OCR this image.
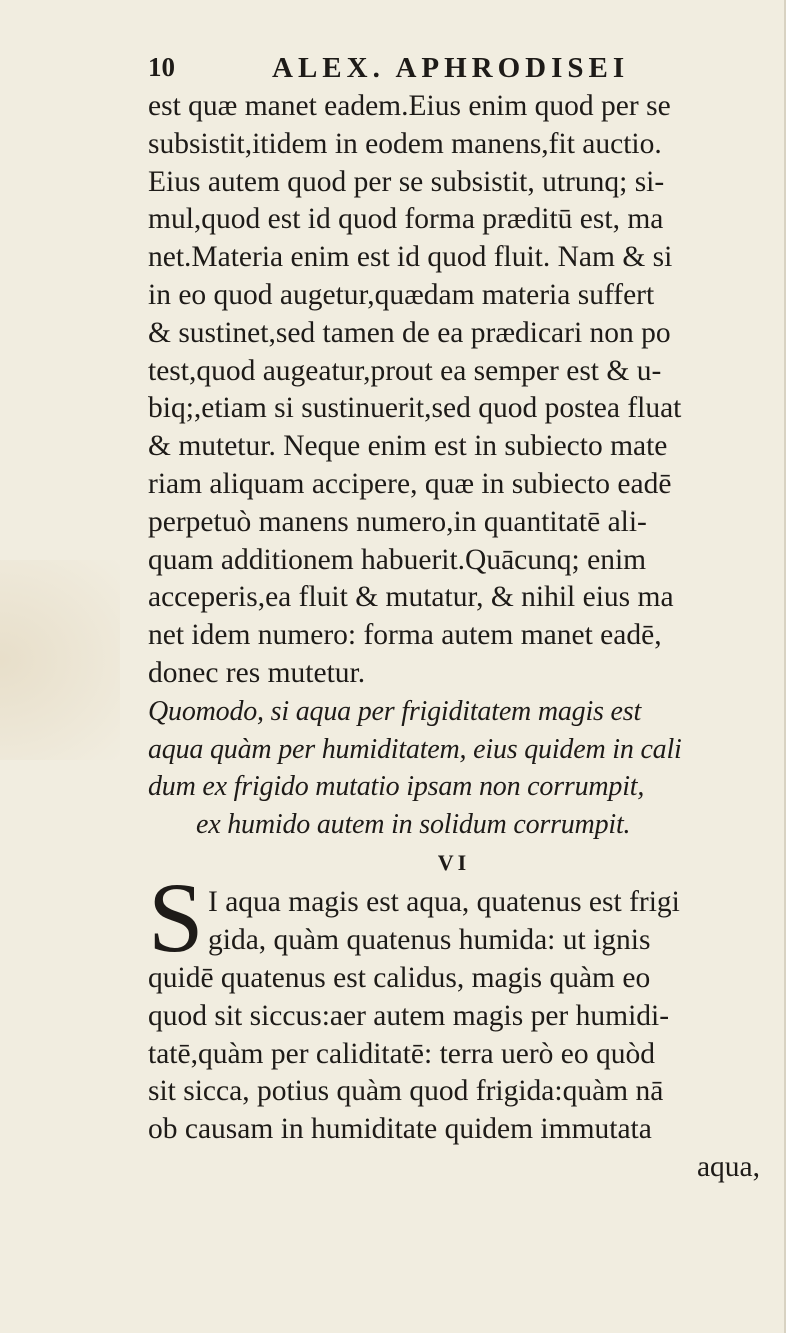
10	ALEX. APHRODISEI
est quæ manet eadem.Eius enim quod per se
subsistit,itidem in eodem manens,fit auctio.
Eius autem quod per se subsistit, utrunq; si-
mul,quod est id quod forma præditū est, ma
net.Materia enim est id quod fluit. Nam & si
in eo quod augetur,quædam materia suffert
& sustinet,sed tamen de ea prædicari non po
test,quod augeatur,prout ea semper est & u-
biq;,etiam si sustinuerit,sed quod postea fluat
& mutetur. Neque enim est in subiecto mate
riam aliquam accipere, quæ in subiecto eadē
perpetuò manens numero,in quantitatē ali-
quam additionem habuerit.Quācunq; enim
acceperis,ea fluit & mutatur, & nihil eius ma
net idem numero: forma autem manet eadē,
donec res mutetur.
Quomodo, si aqua per frigiditatem magis est
aqua quàm per humiditatem, eius quidem in cali
dum ex frigido mutatio ipsam non corrumpit,
ex humido autem in solidum corrumpit.
VI
S I aqua magis est aqua, quatenus est frigi
gida, quàm quatenus humida: ut ignis
quidē quatenus est calidus, magis quàm eo
quod sit siccus:aer autem magis per humidi-
tatē,quàm per caliditatē: terra uerò eo quòd
sit sicca, potius quàm quod frigida:quàm nā
ob causam in humiditate quidem immutata
aqua,
